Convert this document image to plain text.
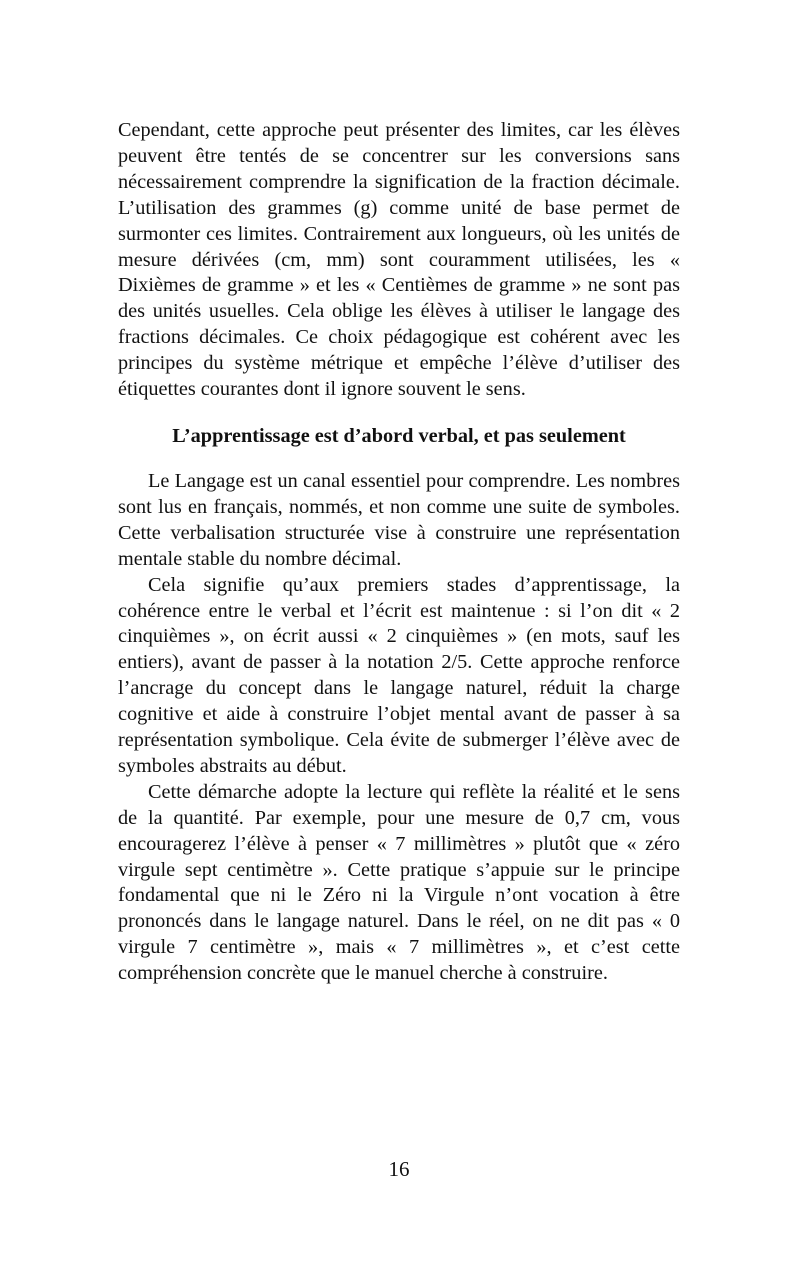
Cependant, cette approche peut présenter des limites, car les élèves peuvent être tentés de se concentrer sur les conversions sans nécessairement comprendre la signification de la fraction décimale. L’utilisation des grammes (g) comme unité de base permet de surmonter ces limites. Contrairement aux longueurs, où les unités de mesure dérivées (cm, mm) sont couramment utilisées, les « Dixièmes de gramme » et les « Centièmes de gramme » ne sont pas des unités usuelles. Cela oblige les élèves à utiliser le langage des fractions décimales. Ce choix pédagogique est cohérent avec les principes du système métrique et empêche l’élève d’utiliser des étiquettes courantes dont il ignore souvent le sens.

L’apprentissage est d’abord verbal, et pas seulement

Le Langage est un canal essentiel pour comprendre. Les nombres sont lus en français, nommés, et non comme une suite de symboles. Cette verbalisation structurée vise à construire une représentation mentale stable du nombre décimal.

Cela signifie qu’aux premiers stades d’apprentissage, la cohérence entre le verbal et l’écrit est maintenue : si l’on dit « 2 cinquièmes », on écrit aussi « 2 cinquièmes » (en mots, sauf les entiers), avant de passer à la notation 2/5. Cette approche renforce l’ancrage du concept dans le langage naturel, réduit la charge cognitive et aide à construire l’objet mental avant de passer à sa représentation symbolique. Cela évite de submerger l’élève avec de symboles abstraits au début.

Cette démarche adopte la lecture qui reflète la réalité et le sens de la quantité. Par exemple, pour une mesure de 0,7 cm, vous encouragerez l’élève à penser « 7 millimètres » plutôt que « zéro virgule sept centimètre ». Cette pratique s’appuie sur le principe fondamental que ni le Zéro ni la Virgule n’ont vocation à être prononcés dans le langage naturel. Dans le réel, on ne dit pas « 0 virgule 7 centimètre », mais « 7 millimètres », et c’est cette compréhension concrète que le manuel cherche à construire.

16
